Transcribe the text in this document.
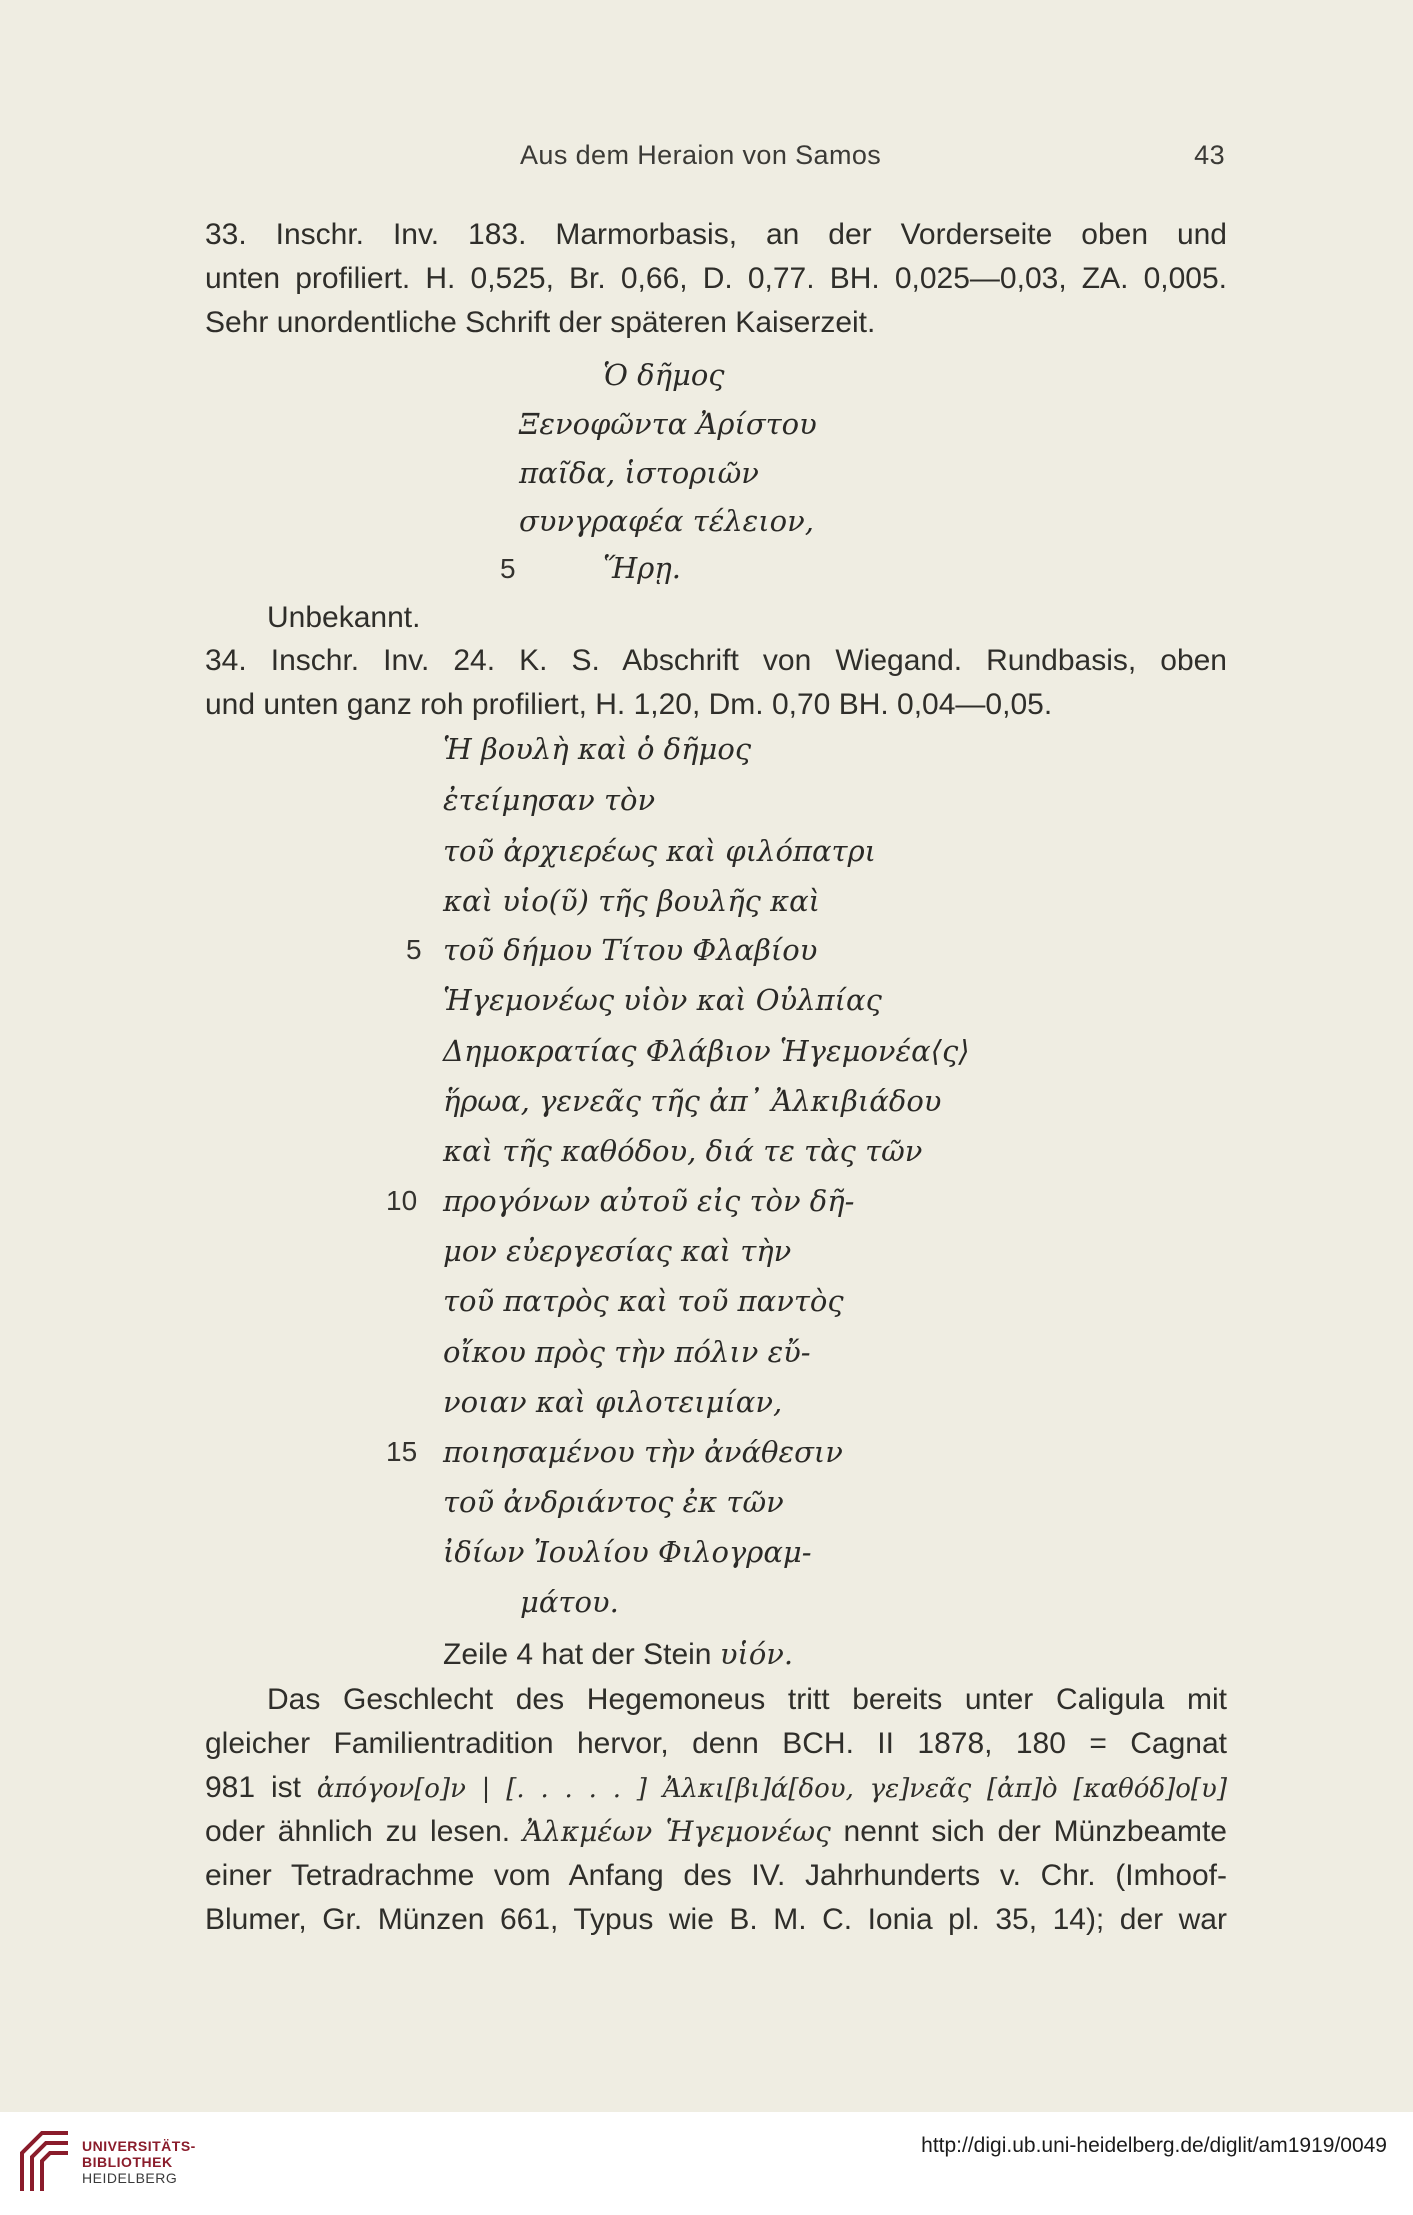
Aus dem Heraion von Samos	43
33. Inschr. Inv. 183. Marmorbasis, an der Vorderseite oben und
unten profiliert. H. 0,525, Br. 0,66, D. 0,77. BH. 0,025—0,03, ZA. 0,005.
Sehr unordentliche Schrift der späteren Kaiserzeit.
Ὁ δῆμος
Ξενοφῶντα Ἀρίστου
παῖδα, ἱστοριῶν
συνγραφέα τέλειον,
5	Ἥρῃ.
Unbekannt.
34. Inschr. Inv. 24. K. S. Abschrift von Wiegand. Rundbasis, oben
und unten ganz roh profiliert, H. 1,20, Dm. 0,70 BH. 0,04—0,05.
Ἡ βουλὴ καὶ ὁ δῆμος
ἐτείμησαν τὸν
τοῦ ἀρχιερέως καὶ φιλόπατρι
καὶ υἱο(ῦ) τῆς βουλῆς καὶ
5 τοῦ δήμου Τίτου Φλαβίου
Ἡγεμονέως υἱὸν καὶ Οὐλπίας
Δημοκρατίας Φλάβιον Ἡγεμονέα⟨ς⟩
ἥρωα, γενεᾶς τῆς ἀπ᾽ Ἀλκιβιάδου
καὶ τῆς καθόδου, διά τε τὰς τῶν
10 προγόνων αὐτοῦ εἰς τὸν δῆ-
μον εὐεργεσίας καὶ τὴν
τοῦ πατρὸς καὶ τοῦ παντὸς
οἴκου πρὸς τὴν πόλιν εὔ-
νοιαν καὶ φιλοτειμίαν,
15 ποιησαμένου τὴν ἀνάθεσιν
τοῦ ἀνδριάντος ἐκ τῶν
ἰδίων Ἰουλίου Φιλογραμ-
μάτου.
Zeile 4 hat der Stein υἱόν.
Das Geschlecht des Hegemoneus tritt bereits unter Caligula mit
gleicher Familientradition hervor, denn BCH. II 1878, 180 = Cagnat
981 ist ἀπόγον[ο]ν | [. . . . . ] Ἀλκι[βι]ά[δου, γε]νεᾶς [ἀπ]ὸ [καθόδ]ο[υ]
oder ähnlich zu lesen. Ἀλκμέων Ἡγεμονέως nennt sich der Münzbeamte
einer Tetradrachme vom Anfang des IV. Jahrhunderts v. Chr. (Imhoof-
Blumer, Gr. Münzen 661, Typus wie B. M. C. Ionia pl. 35, 14); der war
UNIVERSITÄTS-
BIBLIOTHEK
HEIDELBERG
http://digi.ub.uni-heidelberg.de/diglit/am1919/0049
